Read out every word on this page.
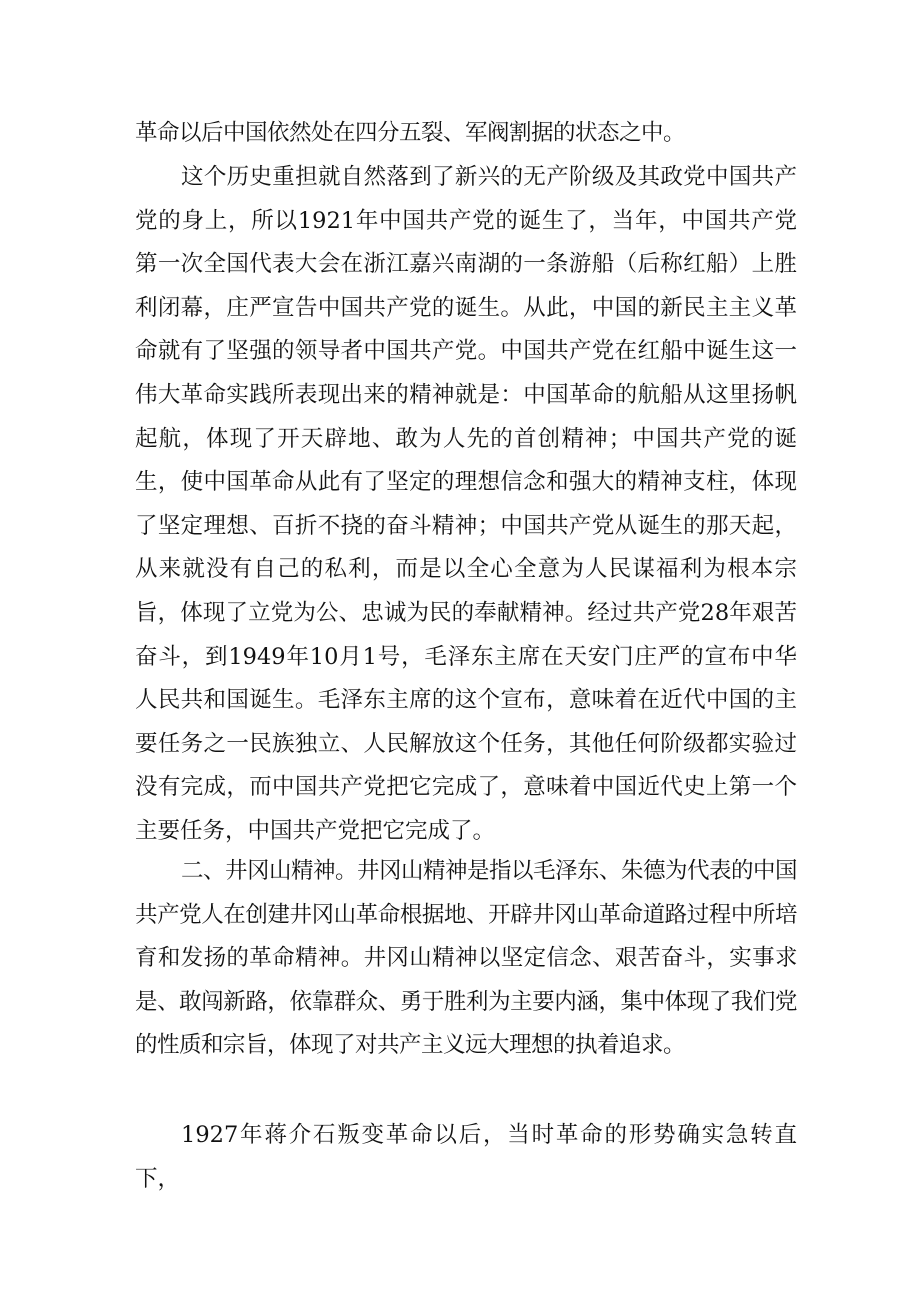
革命以后中国依然处在四分五裂、军阀割据的状态之中。

这个历史重担就自然落到了新兴的无产阶级及其政党中国共产党的身上，所以1921年中国共产党的诞生了，当年，中国共产党第一次全国代表大会在浙江嘉兴南湖的一条游船（后称红船）上胜利闭幕，庄严宣告中国共产党的诞生。从此，中国的新民主主义革命就有了坚强的领导者中国共产党。中国共产党在红船中诞生这一伟大革命实践所表现出来的精神就是：中国革命的航船从这里扬帆起航，体现了开天辟地、敢为人先的首创精神；中国共产党的诞生，使中国革命从此有了坚定的理想信念和强大的精神支柱，体现了坚定理想、百折不挠的奋斗精神；中国共产党从诞生的那天起，从来就没有自己的私利，而是以全心全意为人民谋福利为根本宗旨，体现了立党为公、忠诚为民的奉献精神。经过共产党28年艰苦奋斗，到1949年10月1号，毛泽东主席在天安门庄严的宣布中华人民共和国诞生。毛泽东主席的这个宣布，意味着在近代中国的主要任务之一民族独立、人民解放这个任务，其他任何阶级都实验过没有完成，而中国共产党把它完成了，意味着中国近代史上第一个主要任务，中国共产党把它完成了。

二、井冈山精神。井冈山精神是指以毛泽东、朱德为代表的中国共产党人在创建井冈山革命根据地、开辟井冈山革命道路过程中所培育和发扬的革命精神。井冈山精神以坚定信念、艰苦奋斗，实事求是、敢闯新路，依靠群众、勇于胜利为主要内涵，集中体现了我们党的性质和宗旨，体现了对共产主义远大理想的执着追求。

1927年蒋介石叛变革命以后，当时革命的形势确实急转直下，
